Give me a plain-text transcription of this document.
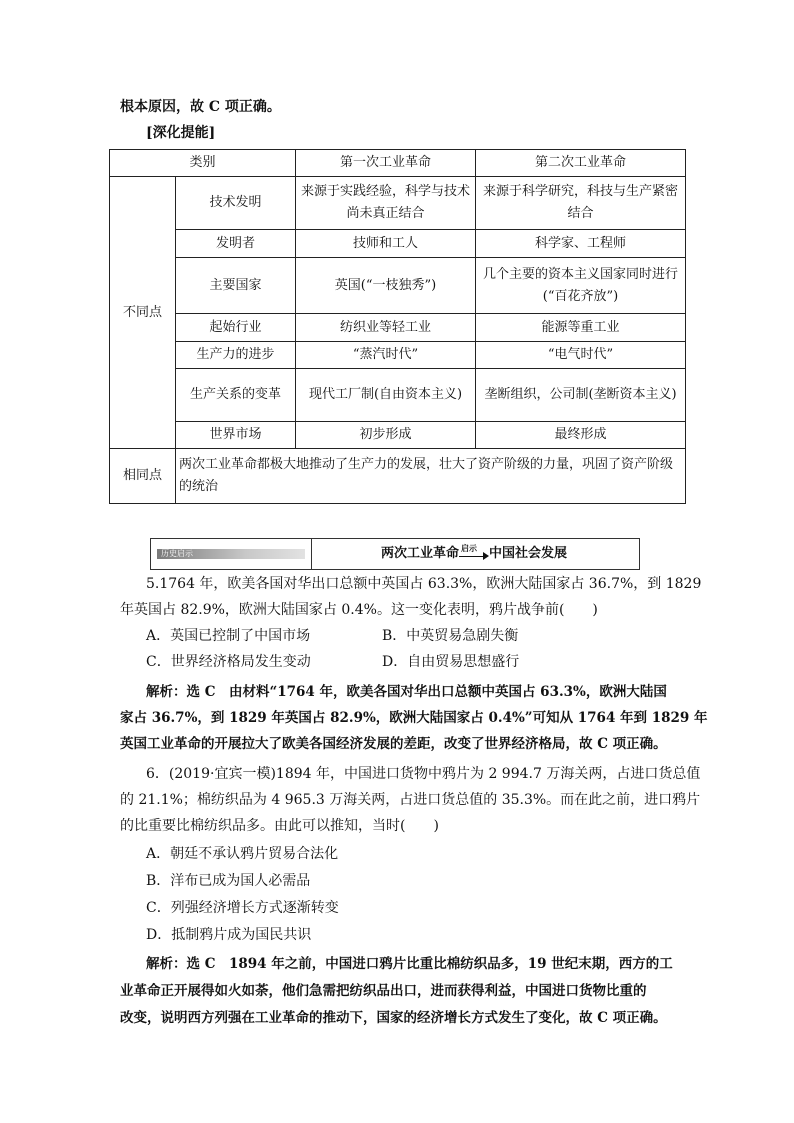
根本原因，故 C 项正确。
[深化提能]
类别		第一次工业革命	第二次工业革命
不同点	技术发明	来源于实践经验，科学与技术尚未真正结合	来源于科学研究，科技与生产紧密结合
	发明者	技师和工人	科学家、工程师
	主要国家	英国(“一枝独秀”)	几个主要的资本主义国家同时进行(“百花齐放”)
	起始行业	纺织业等轻工业	能源等重工业
	生产力的进步	“蒸汽时代”	“电气时代”
	生产关系的变革	现代工厂制(自由资本主义)	垄断组织，公司制(垄断资本主义)
	世界市场	初步形成	最终形成
相同点	两次工业革命都极大地推动了生产力的发展，壮大了资产阶级的力量，巩固了资产阶级的统治		
历史启示	两次工业革命 启示 中国社会发展
5.1764 年，欧美各国对华出口总额中英国占 63.3%，欧洲大陆国家占 36.7%，到 1829
年英国占 82.9%，欧洲大陆国家占 0.4%。这一变化表明，鸦片战争前(　　)
A．英国已控制了中国市场	B．中英贸易急剧失衡
C．世界经济格局发生变动	D．自由贸易思想盛行
解析：选 C　由材料“1764 年，欧美各国对华出口总额中英国占 63.3%，欧洲大陆国
家占 36.7%，到 1829 年英国占 82.9%，欧洲大陆国家占 0.4%”可知从 1764 年到 1829 年
英国工业革命的开展拉大了欧美各国经济发展的差距，改变了世界经济格局，故 C 项正确。
6．(2019·宜宾一模)1894 年，中国进口货物中鸦片为 2 994.7 万海关两，占进口货总值
的 21.1%；棉纺织品为 4 965.3 万海关两，占进口货总值的 35.3%。而在此之前，进口鸦片
的比重要比棉纺织品多。由此可以推知，当时(　　)
A．朝廷不承认鸦片贸易合法化
B．洋布已成为国人必需品
C．列强经济增长方式逐渐转变
D．抵制鸦片成为国民共识
解析：选 C　1894 年之前，中国进口鸦片比重比棉纺织品多，19 世纪末期，西方的工
业革命正开展得如火如荼，他们急需把纺织品出口，进而获得利益，中国进口货物比重的
改变，说明西方列强在工业革命的推动下，国家的经济增长方式发生了变化，故 C 项正确。
